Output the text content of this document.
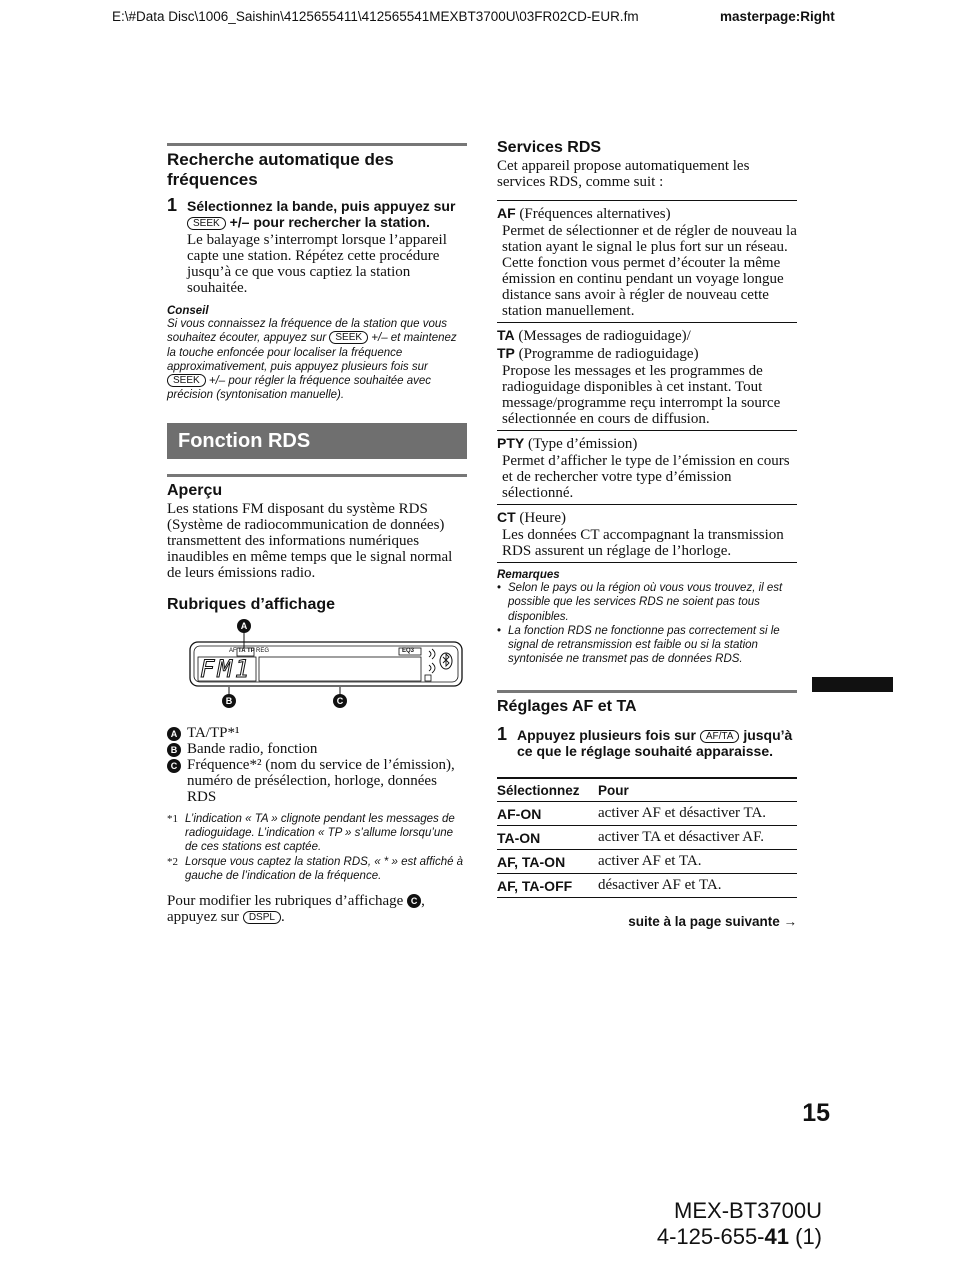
E:\#Data Disc\1006_Saishin\4125655411\412565541MEXBT3700U\03FR02CD-EUR.fm	masterpage:Right
Recherche automatique des fréquences
1 Sélectionnez la bande, puis appuyez sur SEEK +/– pour rechercher la station.
Le balayage s’interrompt lorsque l’appareil capte une station. Répétez cette procédure jusqu’à ce que vous captiez la station souhaitée.
Conseil
Si vous connaissez la fréquence de la station que vous souhaitez écouter, appuyez sur SEEK +/– et maintenez la touche enfoncée pour localiser la fréquence approximativement, puis appuyez plusieurs fois sur SEEK +/– pour régler la fréquence souhaitée avec précision (syntonisation manuelle).
Fonction RDS
Aperçu
Les stations FM disposant du système RDS (Système de radiocommunication de données) transmettent des informations numériques inaudibles en même temps que le signal normal de leurs émissions radio.
Rubriques d’affichage
A
B	C
AF TA TP REG	EQ3
FM1
A TA/TP*¹
B Bande radio, fonction
C Fréquence*² (nom du service de l’émission), numéro de présélection, horloge, données RDS
*1 L’indication « TA » clignote pendant les messages de radioguidage. L’indication « TP » s’allume lorsqu’une de ces stations est captée.
*2 Lorsque vous captez la station RDS, « * » est affiché à gauche de l’indication de la fréquence.
Pour modifier les rubriques d’affichage C , appuyez sur DSPL .
Services RDS
Cet appareil propose automatiquement les services RDS, comme suit :
AF (Fréquences alternatives)
Permet de sélectionner et de régler de nouveau la station ayant le signal le plus fort sur un réseau. Cette fonction vous permet d’écouter la même émission en continu pendant un voyage longue distance sans avoir à régler de nouveau cette station manuellement.
TA (Messages de radioguidage)/
TP (Programme de radioguidage)
Propose les messages et les programmes de radioguidage disponibles à cet instant. Tout message/programme reçu interrompt la source sélectionnée en cours de diffusion.
PTY (Type d’émission)
Permet d’afficher le type de l’émission en cours et de rechercher votre type d’émission sélectionné.
CT (Heure)
Les données CT accompagnant la transmission RDS assurent un réglage de l’horloge.
Remarques
• Selon le pays ou la région où vous vous trouvez, il est possible que les services RDS ne soient pas tous disponibles.
• La fonction RDS ne fonctionne pas correctement si le signal de retransmission est faible ou si la station syntonisée ne transmet pas de données RDS.
Réglages AF et TA
1 Appuyez plusieurs fois sur AF/TA jusqu’à ce que le réglage souhaité apparaisse.
Sélectionnez	Pour
AF-ON	activer AF et désactiver TA.
TA-ON	activer TA et désactiver AF.
AF, TA-ON	activer AF et TA.
AF, TA-OFF	désactiver AF et TA.
suite à la page suivante →
15
MEX-BT3700U
4-125-655-41 (1)
